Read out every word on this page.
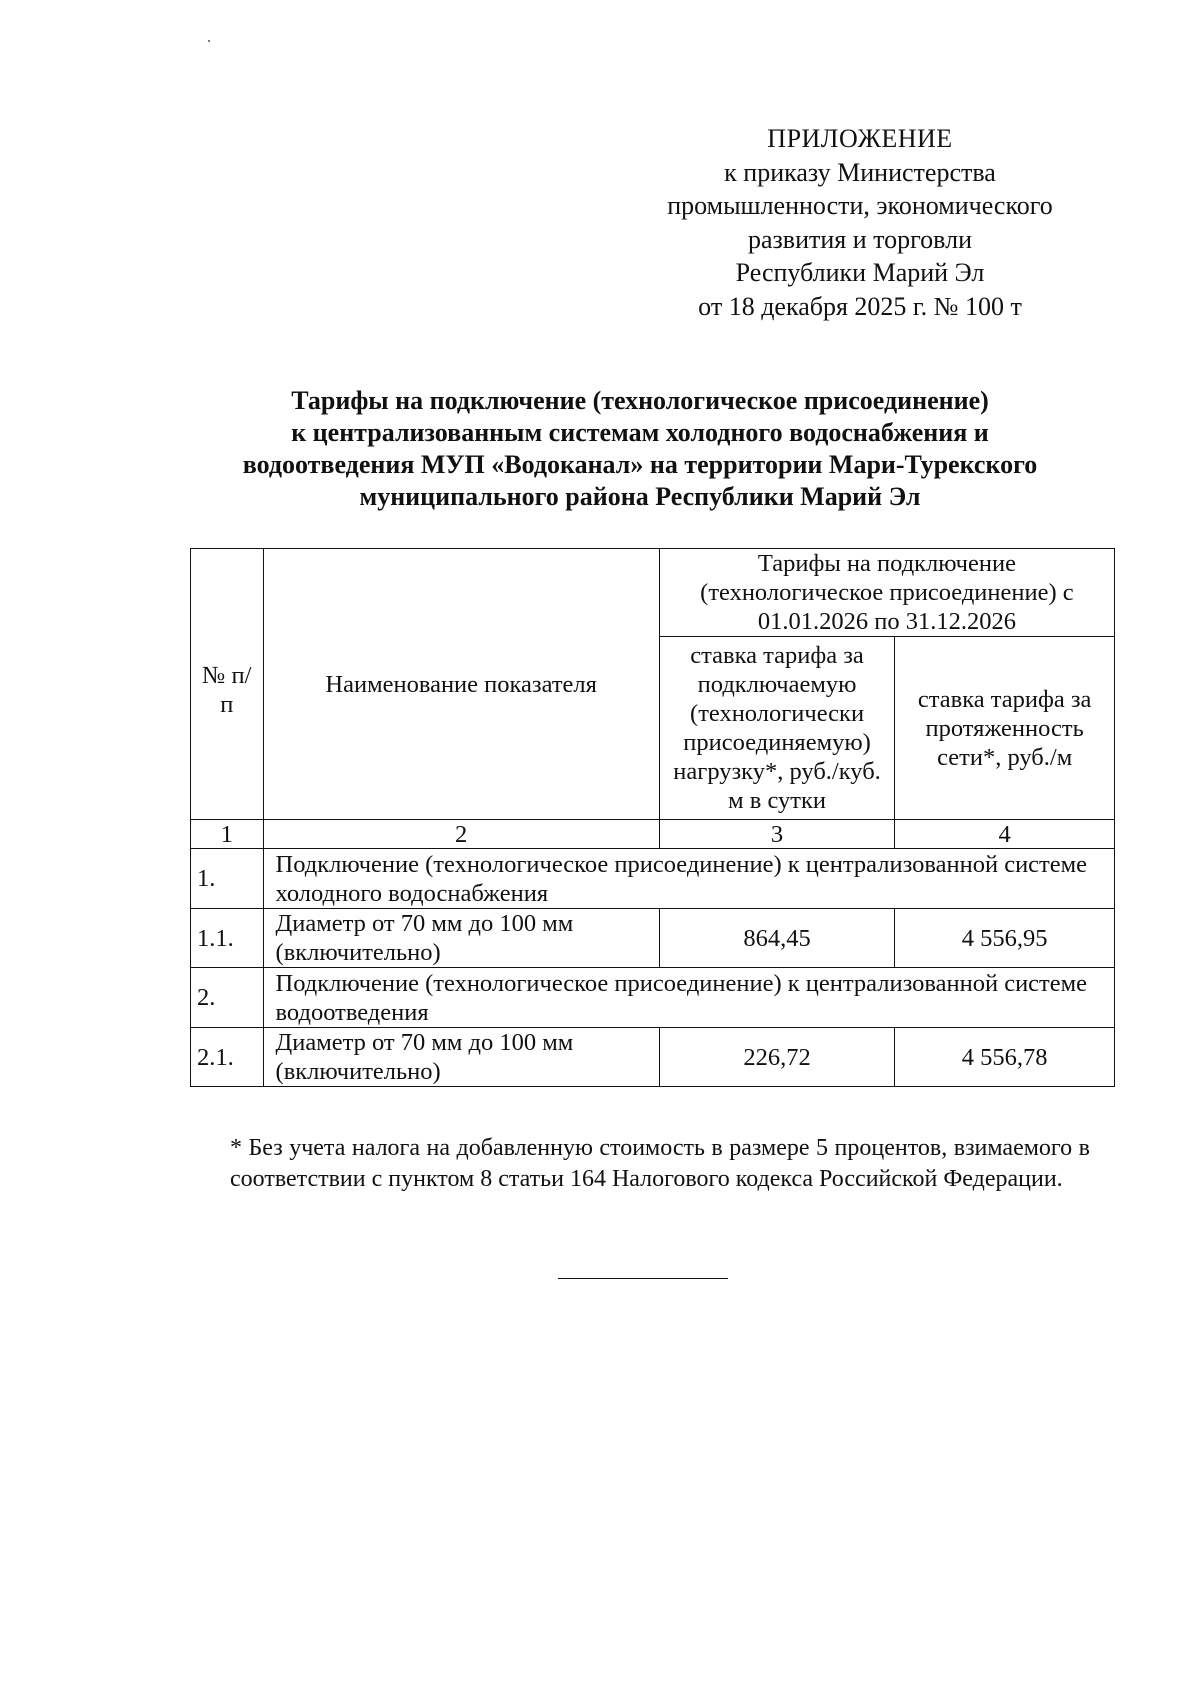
ПРИЛОЖЕНИЕ
к приказу Министерства
промышленности, экономического
развития и торговли
Республики Марий Эл
от 18 декабря 2025 г. № 100 т
Тарифы на подключение (технологическое присоединение)
к централизованным системам холодного водоснабжения и
водоотведения МУП «Водоканал» на территории Мари-Турекского
муниципального района Республики Марий Эл
№ п/п	Наименование показателя	Тарифы на подключение (технологическое присоединение) с 01.01.2026 по 31.12.2026	
		ставка тарифа за подключаемую (технологически присоединяемую) нагрузку*, руб./куб. м в сутки	ставка тарифа за протяженность сети*, руб./м
1	2	3	4
1.	Подключение (технологическое присоединение) к централизованной системе холодного водоснабжения		
1.1.	Диаметр от 70 мм до 100 мм (включительно)	864,45	4 556,95
2.	Подключение (технологическое присоединение) к централизованной системе водоотведения		
2.1.	Диаметр от 70 мм до 100 мм (включительно)	226,72	4 556,78
* Без учета налога на добавленную стоимость в размере 5 процентов, взимаемого в соответствии с пунктом 8 статьи 164 Налогового кодекса Российской Федерации.
